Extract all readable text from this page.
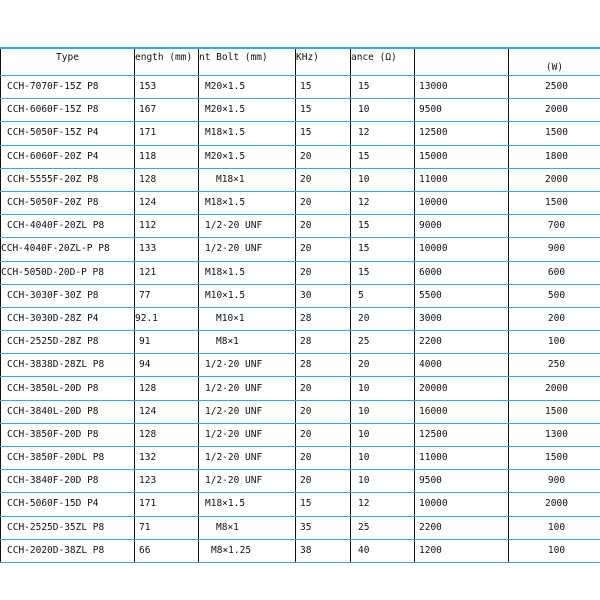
Type	ength (mm)	nt Bolt (mm)	KHz)	ance (Ω)		(W)
CCH-7070F-15Z P8	153	M20×1.5	15	15	13000	2500
CCH-6060F-15Z P8	167	M20×1.5	15	10	9500	2000
CCH-5050F-15Z P4	171	M18×1.5	15	12	12500	1500
CCH-6060F-20Z P4	118	M20×1.5	20	15	15000	1800
CCH-5555F-20Z P8	128	M18×1	20	10	11000	2000
CCH-5050F-20Z P8	124	M18×1.5	20	12	10000	1500
CCH-4040F-20ZL P8	112	1/2-20 UNF	20	15	9000	700
CCH-4040F-20ZL-P P8	133	1/2-20 UNF	20	15	10000	900
CCH-5050D-20D-P P8	121	M18×1.5	20	15	6000	600
CCH-3030F-30Z P8	77	M10×1.5	30	5	5500	500
CCH-3030D-28Z P4	92.1	M10×1	28	20	3000	200
CCH-2525D-28Z P8	91	M8×1	28	25	2200	100
CCH-3838D-28ZL P8	94	1/2-20 UNF	28	20	4000	250
CCH-3850L-20D P8	128	1/2-20 UNF	20	10	20000	2000
CCH-3840L-20D P8	124	1/2-20 UNF	20	10	16000	1500
CCH-3850F-20D P8	128	1/2-20 UNF	20	10	12500	1300
CCH-3850F-20DL P8	132	1/2-20 UNF	20	10	11000	1500
CCH-3840F-20D P8	123	1/2-20 UNF	20	10	9500	900
CCH-5060F-15D P4	171	M18×1.5	15	12	10000	2000
CCH-2525D-35ZL P8	71	M8×1	35	25	2200	100
CCH-2020D-38ZL P8	66	M8×1.25	38	40	1200	100
